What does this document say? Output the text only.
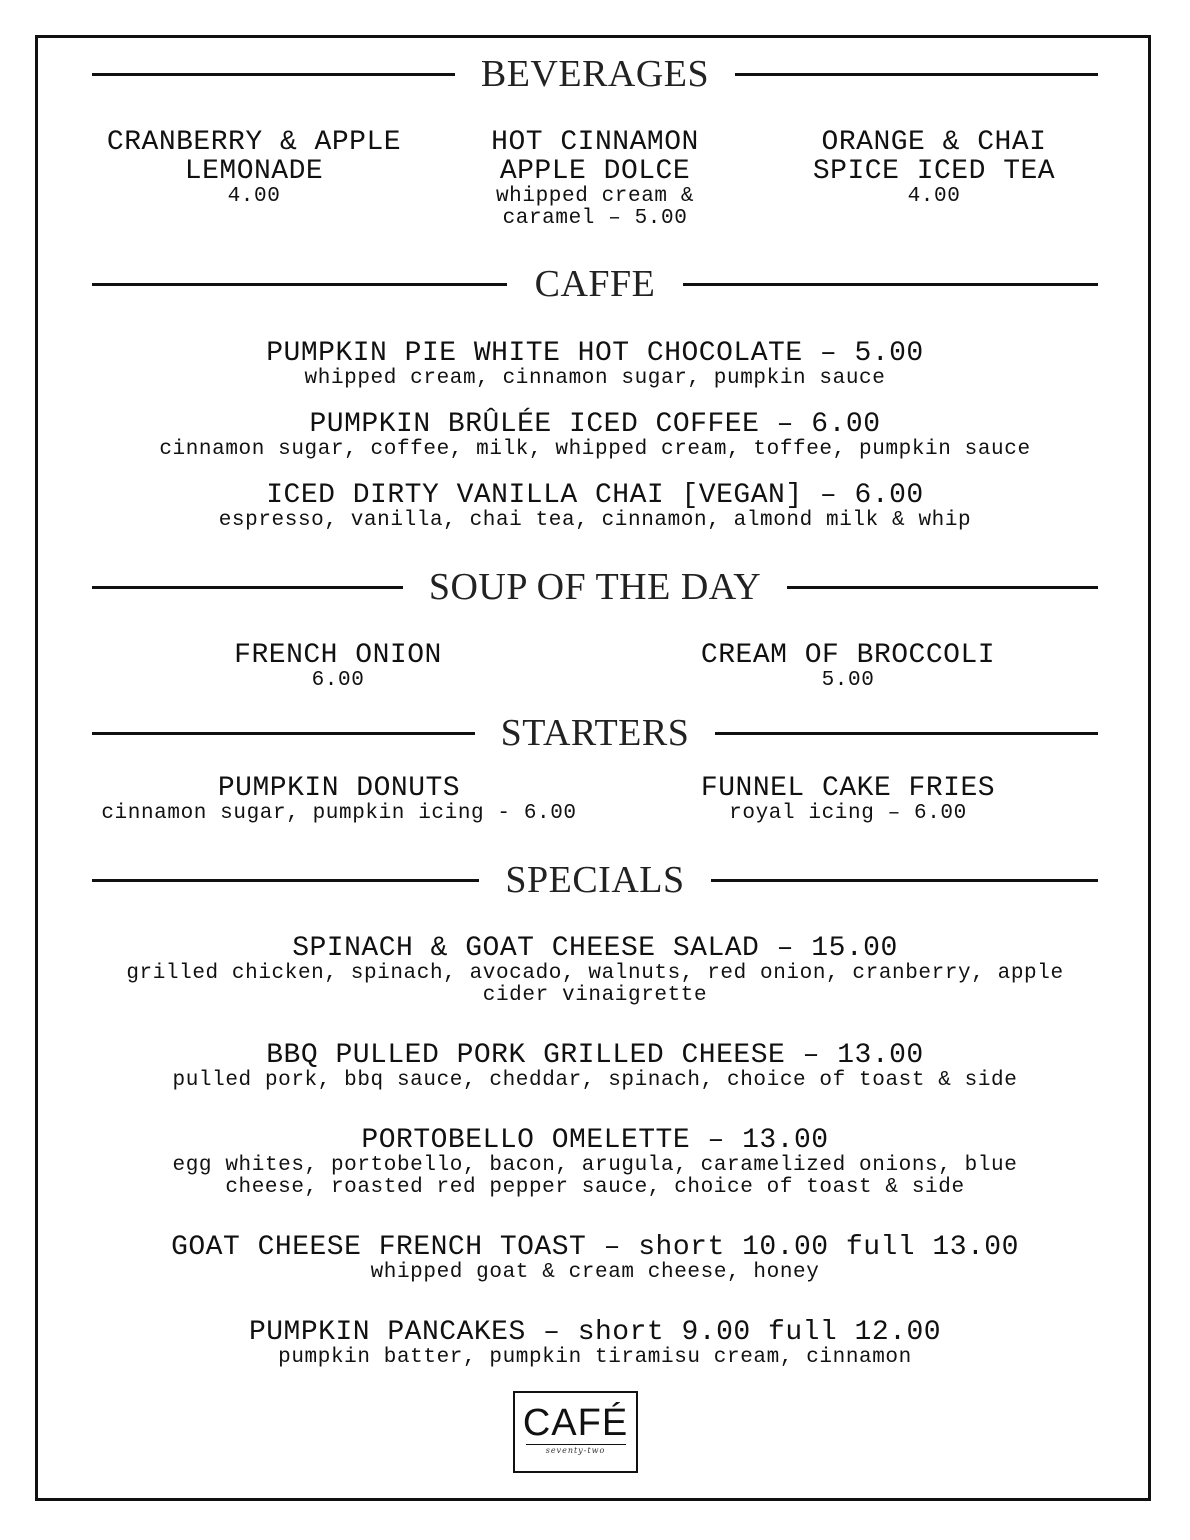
BEVERAGES
CRANBERRY & APPLE
LEMONADE
4.00
HOT CINNAMON
APPLE DOLCE
whipped cream &
caramel – 5.00
ORANGE & CHAI
SPICE ICED TEA
4.00
CAFFE
PUMPKIN PIE WHITE HOT CHOCOLATE – 5.00
whipped cream, cinnamon sugar, pumpkin sauce
PUMPKIN BRÛLÉE ICED COFFEE – 6.00
cinnamon sugar, coffee, milk, whipped cream, toffee, pumpkin sauce
ICED DIRTY VANILLA CHAI [VEGAN] – 6.00
espresso, vanilla, chai tea, cinnamon, almond milk & whip
SOUP OF THE DAY
FRENCH ONION
6.00
CREAM OF BROCCOLI
5.00
STARTERS
PUMPKIN DONUTS
cinnamon sugar, pumpkin icing - 6.00
FUNNEL CAKE FRIES
royal icing – 6.00
SPECIALS
SPINACH & GOAT CHEESE SALAD – 15.00
grilled chicken, spinach, avocado, walnuts, red onion, cranberry, apple
cider vinaigrette
BBQ PULLED PORK GRILLED CHEESE – 13.00
pulled pork, bbq sauce, cheddar, spinach, choice of toast & side
PORTOBELLO OMELETTE – 13.00
egg whites, portobello, bacon, arugula, caramelized onions, blue
cheese, roasted red pepper sauce, choice of toast & side
GOAT CHEESE FRENCH TOAST – short 10.00 full 13.00
whipped goat & cream cheese, honey
PUMPKIN PANCAKES – short 9.00 full 12.00
pumpkin batter, pumpkin tiramisu cream, cinnamon
CAFÉ
seventy-two
